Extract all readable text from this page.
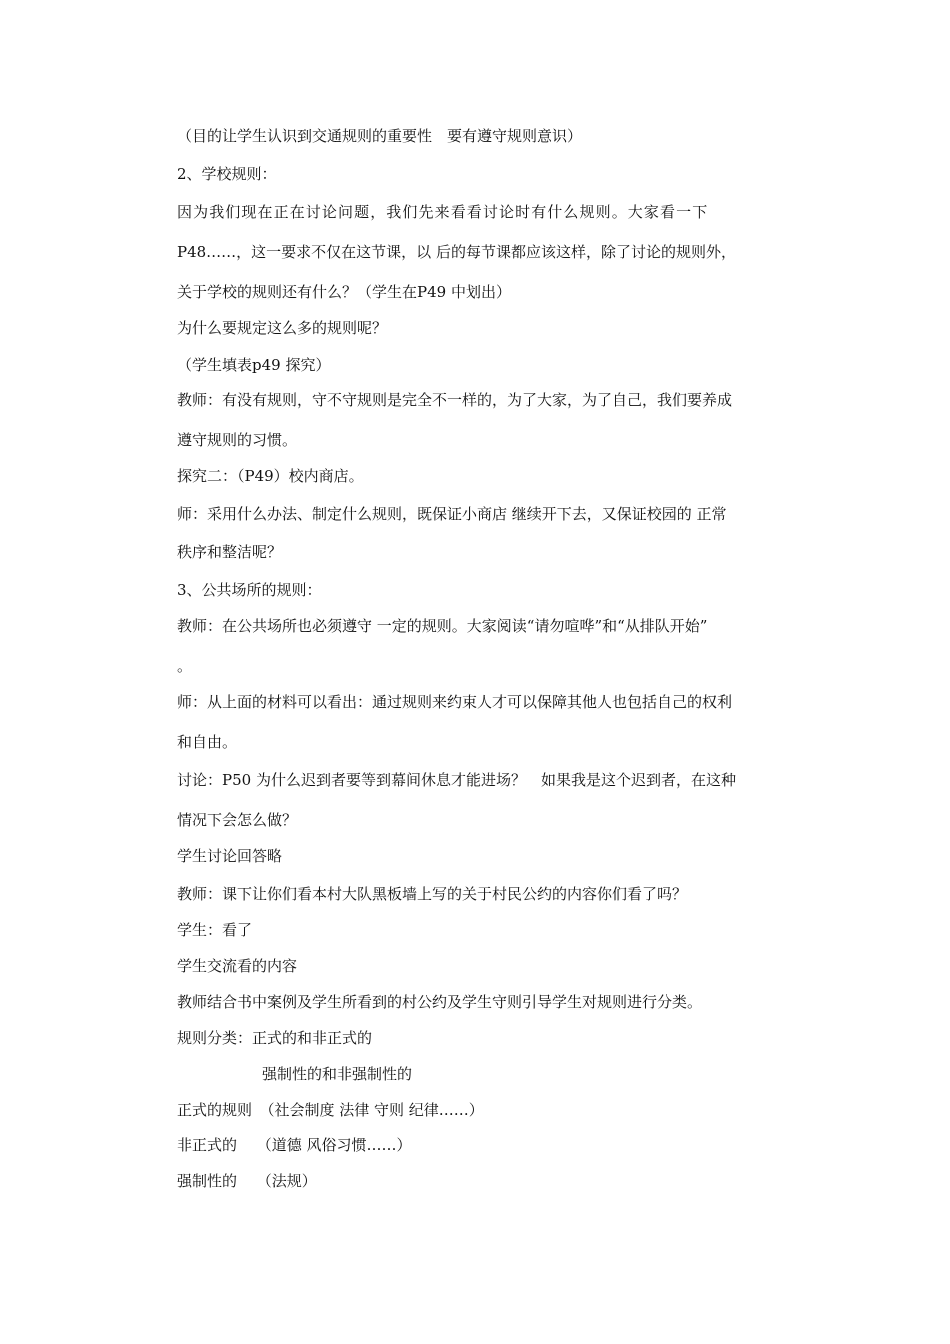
（目的让学生认识到交通规则的重要性　要有遵守规则意识）
2、学校规则：
因为我们现在正在讨论问题，我们先来看看讨论时有什么规则。大家看一下
P48……，这一要求不仅在这节课，以 后的每节课都应该这样，除了讨论的规则外，
关于学校的规则还有什么？（学生在P49 中划出）
为什么要规定这么多的规则呢？
（学生填表p49 探究）
教师：有没有规则，守不守规则是完全不一样的，为了大家，为了自己，我们要养成
遵守规则的习惯。
探究二：（P49）校内商店。
师：采用什么办法、制定什么规则，既保证小商店 继续开下去，又保证校园的 正常
秩序和整洁呢？
3、公共场所的规则：
教师：在公共场所也必须遵守 一定的规则。大家阅读“请勿喧哗”和“从排队开始”
。
师：从上面的材料可以看出：通过规则来约束人才可以保障其他人也包括自己的权利
和自由。
讨论：P50 为什么迟到者要等到幕间休息才能进场？　如果我是这个迟到者，在这种
情况下会怎么做？
学生讨论回答略
教师：课下让你们看本村大队黑板墙上写的关于村民公约的内容你们看了吗？
学生：看了
学生交流看的内容
教师结合书中案例及学生所看到的村公约及学生守则引导学生对规则进行分类。
规则分类：正式的和非正式的
强制性的和非强制性的
正式的规则　（社会制度 法律 守则 纪律……）
非正式的　 （道德 风俗习惯……）
强制性的　 （法规）
